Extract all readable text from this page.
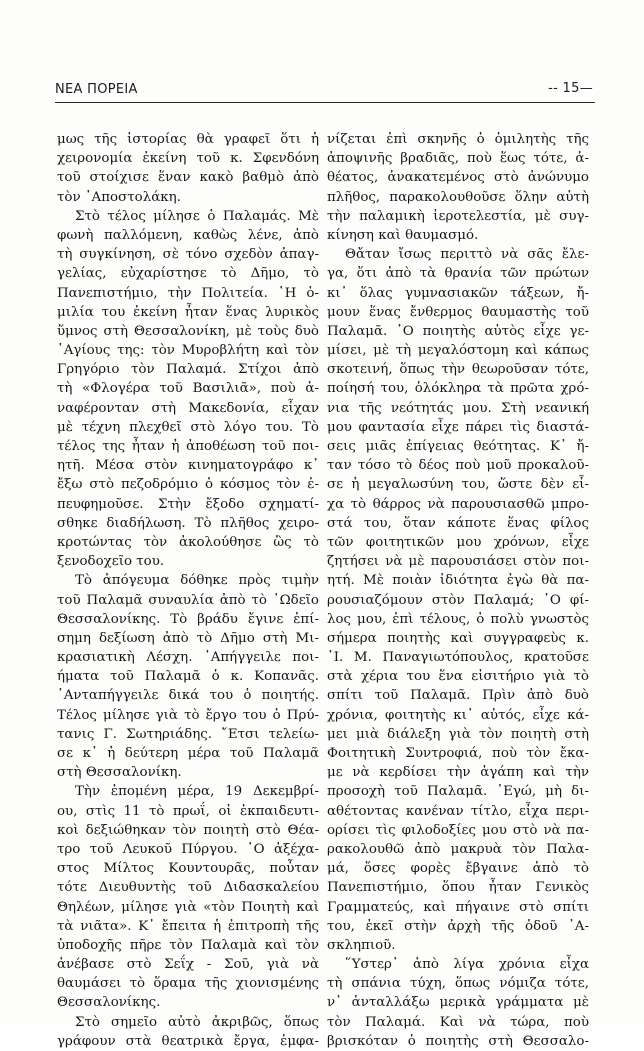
ΝΕΑ ΠΟΡΕΙΑ	-- 15—
μως τῆς ἱστορίας θὰ γραφεῖ ὅτι ἡ
χειρονομία ἐκείνη τοῦ κ. Σφενδόνη
τοῦ στοίχισε ἕναν κακὸ βαθμὸ ἀπὸ
τὸν ᾿Αποστολάκη.
Στὸ τέλος μίλησε ὁ Παλαμάς. Μὲ
φωνὴ παλλόμενη, καθὼς λένε, ἀπὸ
τὴ συγκίνηση, σὲ τόνο σχεδὸν ἀπαγ-
γελίας, εὐχαρίστησε τὸ Δῆμο, τὸ
Πανεπιστήμιο, τὴν Πολιτεία. ῾Η ὁ-
μιλία του ἐκείνη ἦταν ἕνας λυρικὸς
ὕμνος στὴ Θεσσαλονίκη, μὲ τοὺς δυὸ
῾Αγίους της: τὸν Μυροβλήτη καὶ τὸν
Γρηγόριο τὸν Παλαμά. Στίχοι ἀπὸ
τὴ «Φλογέρα τοῦ Βασιλιᾶ», ποὺ ἀ-
ναφέρονταν στὴ Μακεδονία, εἶχαν
μὲ τέχνη πλεχθεῖ στὸ λόγο του. Τὸ
τέλος της ἦταν ἡ ἀποθέωση τοῦ ποι-
ητῆ. Μέσα στὸν κινηματογράφο κ᾿
ἔξω στὸ πεζοδρόμιο ὁ κόσμος τὸν ἐ-
πευφημοῦσε. Στὴν ἔξοδο σχηματί-
σθηκε διαδήλωση. Τὸ πλῆθος χειρο-
κροτώντας τὸν ἀκολούθησε ὣς τὸ
ξενοδοχεῖο του.
Τὸ ἀπόγευμα δόθηκε πρὸς τιμὴν
τοῦ Παλαμᾶ συναυλία ἀπὸ τὸ ᾿Ωδεῖο
Θεσσαλονίκης. Τὸ βράδυ ἔγινε ἐπί-
σημη δεξίωση ἀπὸ τὸ Δῆμο στὴ Μι-
κρασιατικὴ Λέσχη. ᾿Απήγγειλε ποι-
ήματα τοῦ Παλαμᾶ ὁ κ. Κοπανᾶς.
᾿Ανταπήγγειλε δικά του ὁ ποιητής.
Τέλος μίλησε γιὰ τὸ ἔργο του ὁ Πρύ-
τανις Γ. Σωτηριάδης. ῎Ετσι τελείω-
σε κ᾿ ἡ δεύτερη μέρα τοῦ Παλαμᾶ
στὴ Θεσσαλονίκη.
Τὴν ἑπομένη μέρα, 19 Δεκεμβρί-
ου, στὶς 11 τὸ πρωΐ, οἱ ἐκπαιδευτι-
κοὶ δεξιώθηκαν τὸν ποιητὴ στὸ Θέα-
τρο τοῦ Λευκοῦ Πύργου. ῾Ο ἀξέχα-
στος Μίλτος Κουντουρᾶς, ποὖταν
τότε Διευθυντὴς τοῦ Διδασκαλείου
Θηλέων, μίλησε γιὰ «τὸν Ποιητὴ καὶ
τὰ νιᾶτα». Κ᾿ ἔπειτα ἡ ἐπιτροπὴ τῆς
ὑποδοχῆς πῆρε τὸν Παλαμὰ καὶ τὸν
ἀνέβασε στὸ Σεΐχ - Σοῦ, γιὰ νὰ
θαυμάσει τὸ ὅραμα τῆς χιονισμένης
Θεσσαλονίκης.
Στὸ σημεῖο αὐτὸ ἀκριβῶς, ὅπως
γράφουν στὰ θεατρικὰ ἔργα, ἐμφα-
νίζεται ἐπὶ σκηνῆς ὁ ὁμιλητὴς τῆς
ἀποψινῆς βραδιᾶς, ποὺ ἕως τότε, ἀ-
θέατος, ἀνακατεμένος στὸ ἀνώνυμο
πλῆθος, παρακολουθοῦσε ὅλην αὐτὴ
τὴν παλαμικὴ ἱεροτελεστία, μὲ συγ-
κίνηση καὶ θαυμασμό.
Θἄταν ἴσως περιττὸ νὰ σᾶς ἔλε-
γα, ὅτι ἀπὸ τὰ θρανία τῶν πρώτων
κι᾿ ὅλας γυμνασιακῶν τάξεων, ἤ-
μουν ἕνας ἔνθερμος θαυμαστὴς τοῦ
Παλαμᾶ. ῾Ο ποιητὴς αὐτὸς εἶχε γε-
μίσει, μὲ τὴ μεγαλόστομη καὶ κάπως
σκοτεινή, ὅπως τὴν θεωροῦσαν τότε,
ποίησή του, ὁλόκληρα τὰ πρῶτα χρό-
νια τῆς νεότητάς μου. Στὴ νεανική
μου φαντασία εἶχε πάρει τὶς διαστά-
σεις μιᾶς ἐπίγειας θεότητας. Κ᾿ ἤ-
ταν τόσο τὸ δέος ποὺ μοῦ προκαλοῦ-
σε ἡ μεγαλωσύνη του, ὥστε δὲν εἶ-
χα τὸ θάρρος νὰ παρουσιασθῶ μπρο-
στά του, ὅταν κάποτε ἕνας φίλος
τῶν φοιτητικῶν μου χρόνων, εἶχε
ζητήσει νὰ μὲ παρουσιάσει στὸν ποι-
ητή. Μὲ ποιὰν ἰδιότητα ἐγὼ θὰ πα-
ρουσιαζόμουν στὸν Παλαμά; ᾿Ο φί-
λος μου, ἐπὶ τέλους, ὁ πολὺ γνωστὸς
σήμερα ποιητὴς καὶ συγγραφεὺς κ.
᾿Ι. Μ. Παναγιωτόπουλος, κρατοῦσε
στὰ χέρια του ἕνα εἰσιτήριο γιὰ τὸ
σπίτι τοῦ Παλαμᾶ. Πρὶν ἀπὸ δυὸ
χρόνια, φοιτητὴς κι᾿ αὐτός, εἶχε κά-
μει μιὰ διάλεξη γιὰ τὸν ποιητὴ στὴ
Φοιτητικὴ Συντροφιά, ποὺ τὸν ἔκα-
με νὰ κερδίσει τὴν ἀγάπη καὶ τὴν
προσοχὴ τοῦ Παλαμᾶ. ᾿Εγώ, μὴ δι-
αθέτοντας κανέναν τίτλο, εἶχα περι-
ορίσει τὶς φιλοδοξίες μου στὸ νὰ πα-
ρακολουθῶ ἀπὸ μακρυὰ τὸν Παλα-
μά, ὅσες φορὲς ἔβγαινε ἀπὸ τὸ
Πανεπιστήμιο, ὅπου ἦταν Γενικὸς
Γραμματεύς, καὶ πήγαινε στὸ σπίτι
του, ἐκεῖ στὴν ἀρχὴ τῆς ὁδοῦ ᾿Α-
σκληπιοῦ.
῞Υστερ᾿ ἀπὸ λίγα χρόνια εἶχα
τὴ σπάνια τύχη, ὅπως νόμιζα τότε,
ν᾿ ἀνταλλάξω μερικὰ γράμματα μὲ
τὸν Παλαμά. Καὶ νὰ τώρα, ποὺ
βρισκόταν ὁ ποιητὴς στὴ Θεσσαλο-
